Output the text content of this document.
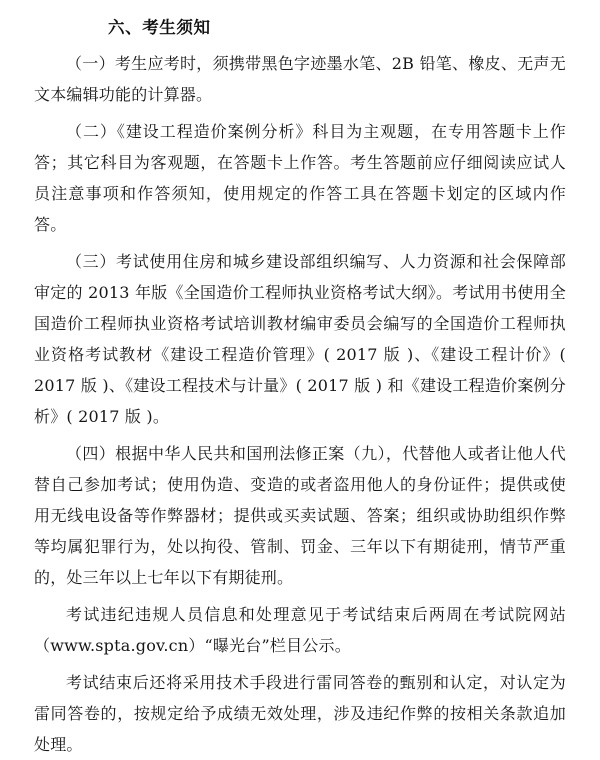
六、考生须知

（一）考生应考时，须携带黑色字迹墨水笔、2B 铅笔、橡皮、无声无文本编辑功能的计算器。

（二）《建设工程造价案例分析》科目为主观题，在专用答题卡上作答；其它科目为客观题，在答题卡上作答。考生答题前应仔细阅读应试人员注意事项和作答须知，使用规定的作答工具在答题卡划定的区域内作答。

（三）考试使用住房和城乡建设部组织编写、人力资源和社会保障部审定的 2013 年版《全国造价工程师执业资格考试大纲》。考试用书使用全国造价工程师执业资格考试培训教材编审委员会编写的全国造价工程师执业资格考试教材《建设工程造价管理》( 2017 版 )、《建设工程计价》( 2017 版 )、《建设工程技术与计量》( 2017 版 ) 和《建设工程造价案例分析》( 2017 版 )。

（四）根据中华人民共和国刑法修正案（九），代替他人或者让他人代替自己参加考试；使用伪造、变造的或者盗用他人的身份证件；提供或使用无线电设备等作弊器材；提供或买卖试题、答案；组织或协助组织作弊等均属犯罪行为，处以拘役、管制、罚金、三年以下有期徒刑，情节严重的，处三年以上七年以下有期徒刑。

考试违纪违规人员信息和处理意见于考试结束后两周在考试院网站（www.spta.gov.cn）“曝光台”栏目公示。

考试结束后还将采用技术手段进行雷同答卷的甄别和认定，对认定为雷同答卷的，按规定给予成绩无效处理，涉及违纪作弊的按相关条款追加处理。
